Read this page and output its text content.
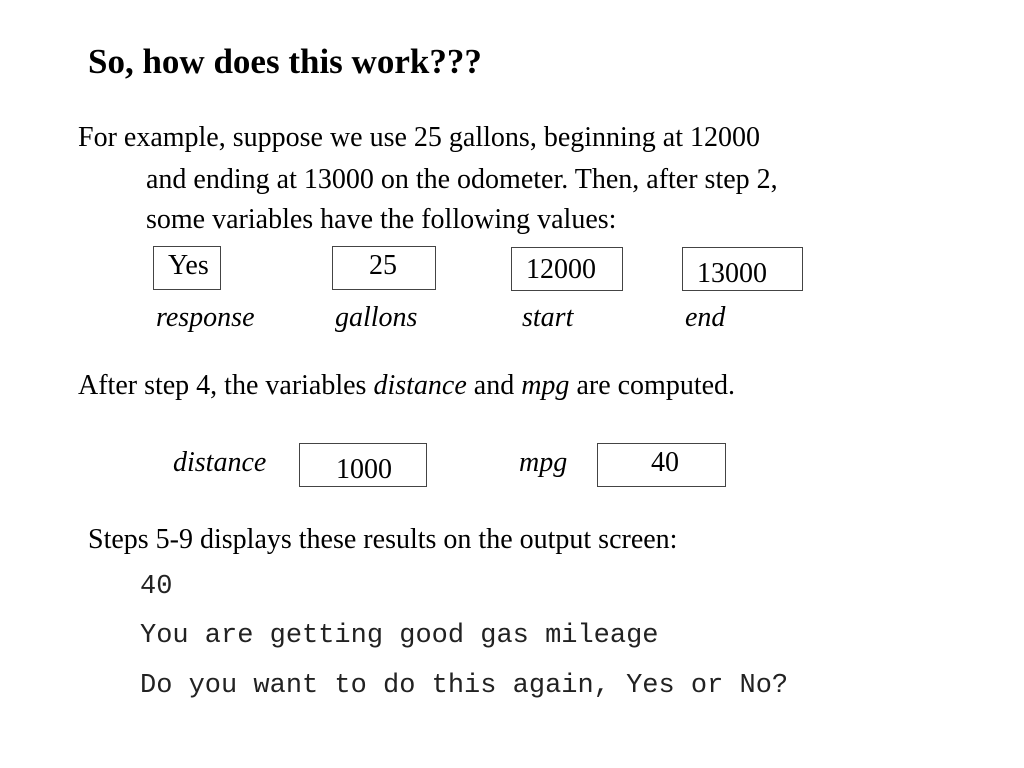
So, how does this work???
For example, suppose we use 25 gallons, beginning at 12000
and ending at 13000 on the odometer. Then, after step 2,
some variables have the following values:
Yes	25	12000	13000
response	gallons	start	end
After step 4, the variables distance and mpg are computed.
distance 1000	mpg	40
Steps 5-9 displays these results on the output screen:
40
You are getting good gas mileage
Do you want to do this again, Yes or No?
